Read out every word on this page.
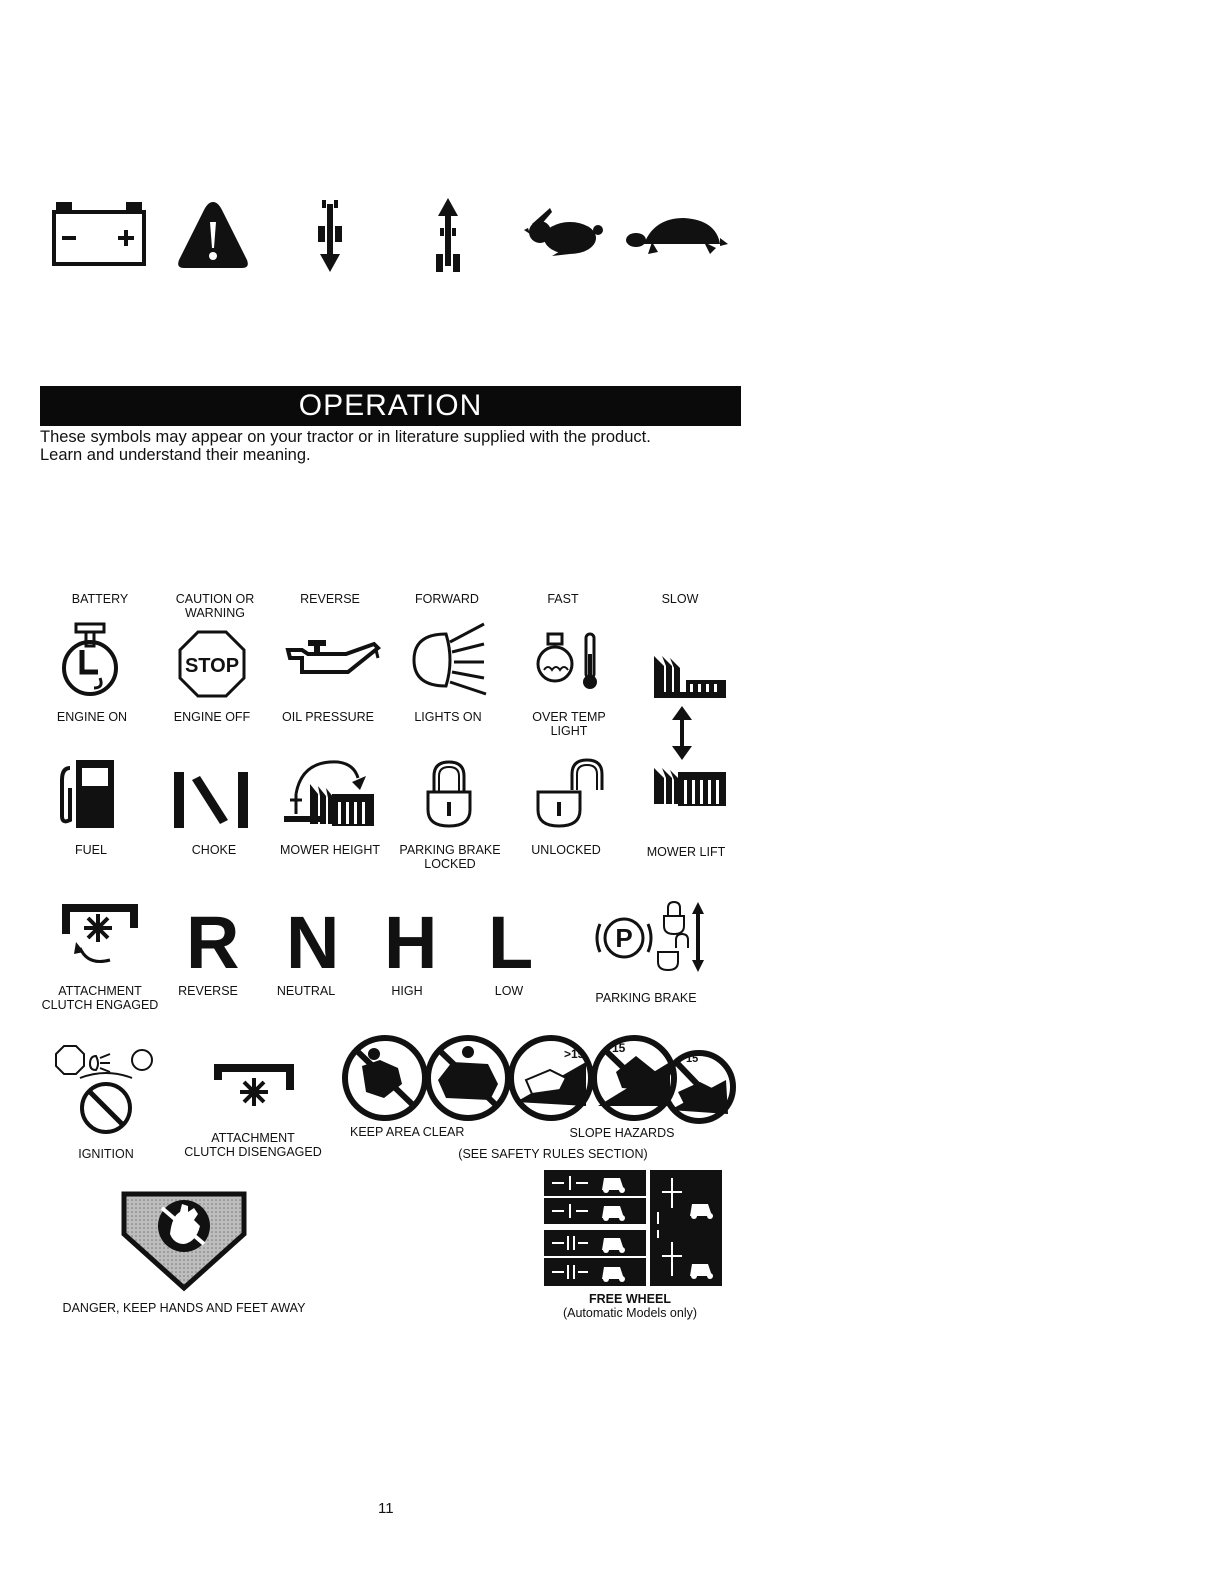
OPERATION
These symbols may appear on your tractor or in literature supplied with the product.
Learn and understand their meaning.
BATTERY	CAUTION OR
WARNING
REVERSE	FORWARD	FAST	SLOW
ENGINE ON
STOP
ENGINE OFF	OIL PRESSURE	LIGHTS ON	OVER TEMP
LIGHT
FUEL	CHOKE	MOWER HEIGHT	PARKING BRAKE
LOCKED
UNLOCKED	MOWER LIFT
ATTACHMENT
CLUTCH ENGAGED
R
REVERSE
N
NEUTRAL
H
HIGH
L
LOW
P
PARKING BRAKE
IGNITION
ATTACHMENT
CLUTCH DISENGAGED
>15 15
15
KEEP AREA CLEAR	SLOPE HAZARDS
(SEE SAFETY RULES SECTION)
DANGER, KEEP HANDS AND FEET AWAY
FREE WHEEL
(Automatic Models only)
11
